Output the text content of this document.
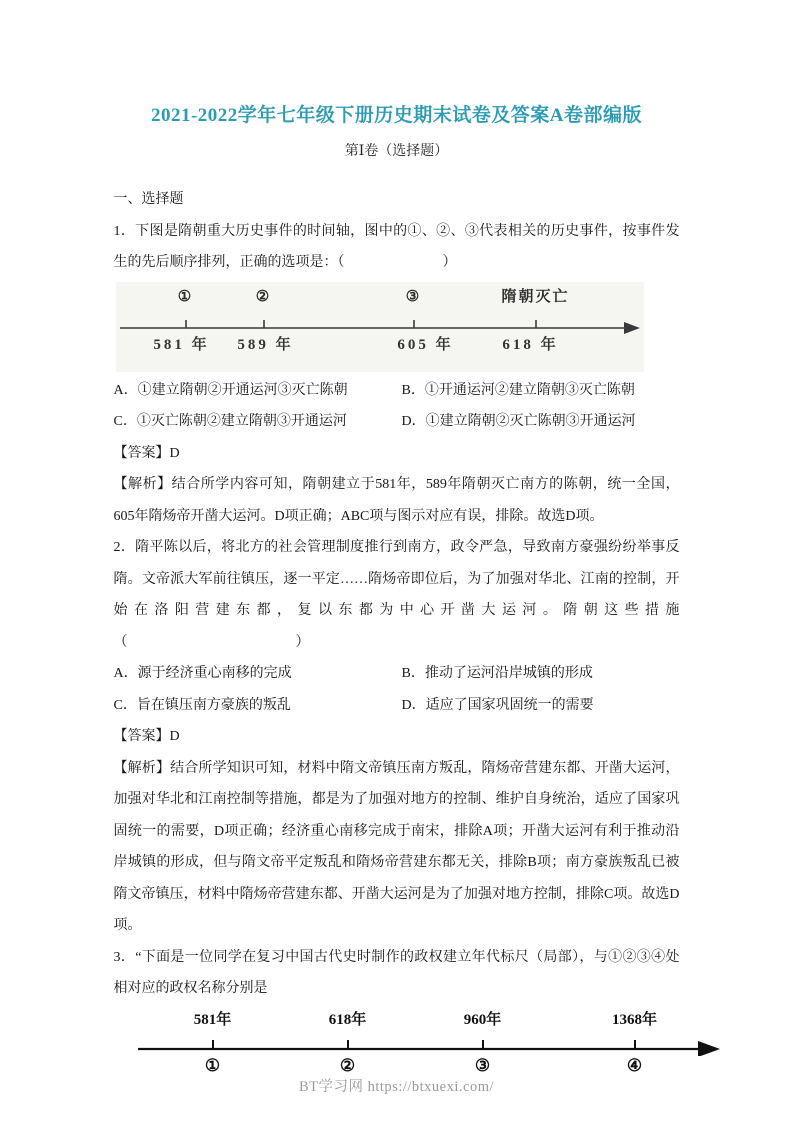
2021-2022学年七年级下册历史期末试卷及答案A卷部编版
第Ⅰ卷（选择题）

一、选择题

1．下图是隋朝重大历史事件的时间轴，图中的①、②、③代表相关的历史事件，按事件发生的先后顺序排列，正确的选项是：（　　　　　　　）

①	②	③	隋朝灭亡
581 年 589 年	605 年	618 年
A．①建立隋朝②开通运河③灭亡陈朝	B．①开通运河②建立隋朝③灭亡陈朝
C．①灭亡陈朝②建立隋朝③开通运河	D．①建立隋朝②灭亡陈朝③开通运河

【答案】D

【解析】结合所学内容可知，隋朝建立于581年，589年隋朝灭亡南方的陈朝，统一全国，605年隋炀帝开凿大运河。D项正确；ABC项与图示对应有误，排除。故选D项。

2．隋平陈以后，将北方的社会管理制度推行到南方，政令严急，导致南方豪强纷纷举事反隋。文帝派大军前往镇压，逐一平定……隋炀帝即位后，为了加强对华北、江南的控制，开始在洛阳营建东都，复以东都为中心开凿大运河。隋朝这些措施（　　　　　　　　　　　　）

A．源于经济重心南移的完成	B．推动了运河沿岸城镇的形成
C．旨在镇压南方豪族的叛乱	D．适应了国家巩固统一的需要

【答案】D

【解析】结合所学知识可知，材料中隋文帝镇压南方叛乱，隋炀帝营建东都、开凿大运河，加强对华北和江南控制等措施，都是为了加强对地方的控制、维护自身统治，适应了国家巩固统一的需要，D项正确；经济重心南移完成于南宋，排除A项；开凿大运河有利于推动沿岸城镇的形成，但与隋文帝平定叛乱和隋炀帝营建东都无关，排除B项；南方豪族叛乱已被隋文帝镇压，材料中隋炀帝营建东都、开凿大运河是为了加强对地方控制，排除C项。故选D项。

3．“下面是一位同学在复习中国古代史时制作的政权建立年代标尺（局部），与①②③④处相对应的政权名称分别是

581年	618年	960年	1368年
①	②	③	④
BT学习网 https://btxuexi.com/
